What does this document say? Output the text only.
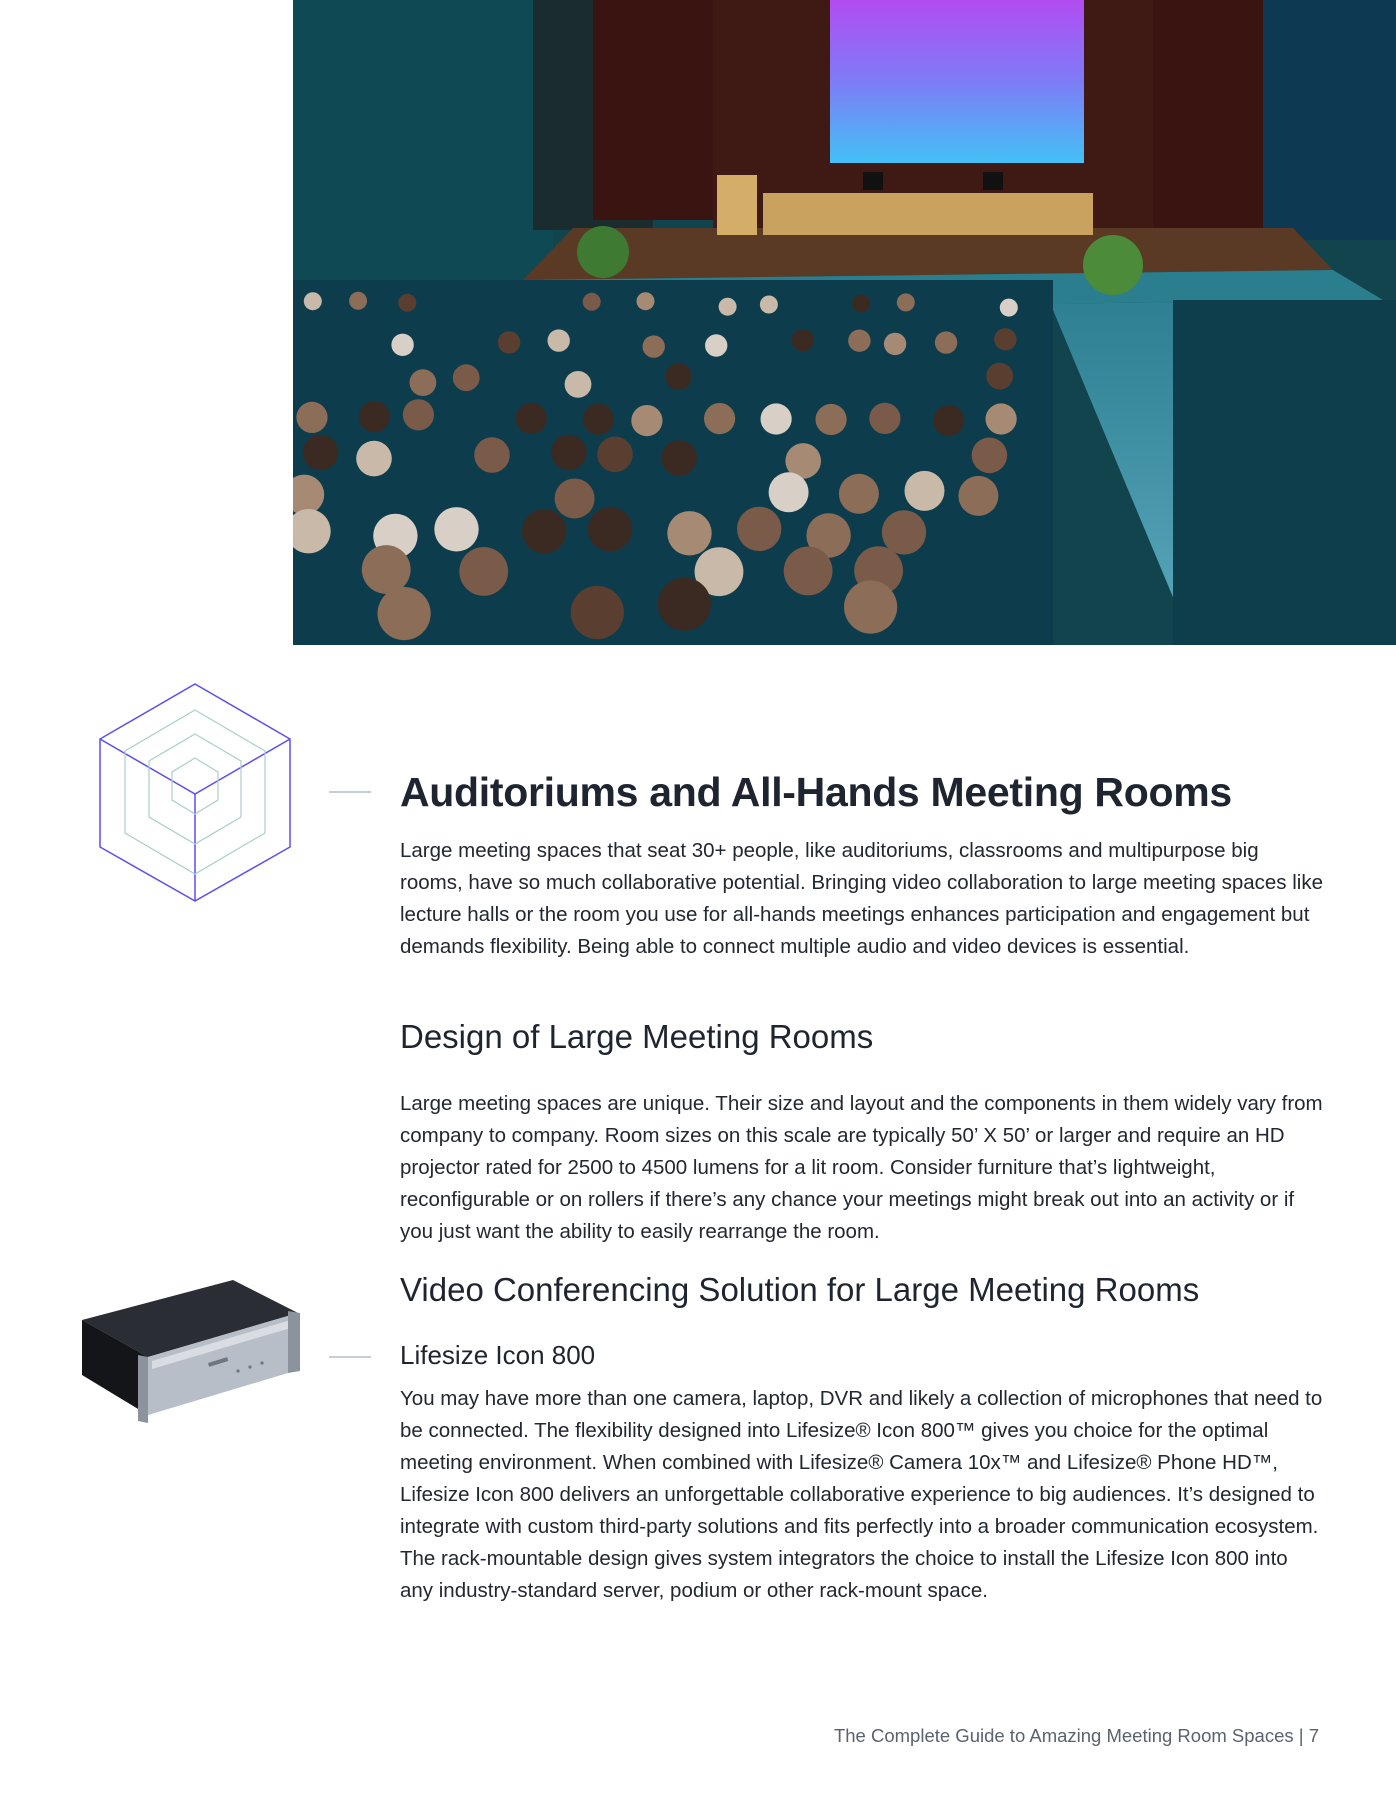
Auditoriums and All-Hands Meeting Rooms

Large meeting spaces that seat 30+ people, like auditoriums, classrooms and multipurpose big rooms, have so much collaborative potential. Bringing video collaboration to large meeting spaces like lecture halls or the room you use for all-hands meetings enhances participation and engagement but demands flexibility. Being able to connect multiple audio and video devices is essential.

Design of Large Meeting Rooms

Large meeting spaces are unique. Their size and layout and the components in them widely vary from company to company. Room sizes on this scale are typically 50’ X 50’ or larger and require an HD projector rated for 2500 to 4500 lumens for a lit room. Consider furniture that’s lightweight, reconfigurable or on rollers if there’s any chance your meetings might break out into an activity or if you just want the ability to easily rearrange the room.

Video Conferencing Solution for Large Meeting Rooms
Lifesize Icon 800

You may have more than one camera, laptop, DVR and likely a collection of microphones that need to be connected. The flexibility designed into Lifesize® Icon 800™ gives you choice for the optimal meeting environment. When combined with Lifesize® Camera 10x™ and Lifesize® Phone HD™, Lifesize Icon 800 delivers an unforgettable collaborative experience to big audiences. It’s designed to integrate with custom third-party solutions and fits perfectly into a broader communication ecosystem. The rack-mountable design gives system integrators the choice to install the Lifesize Icon 800 into any industry-standard server, podium or other rack-mount space.

The Complete Guide to Amazing Meeting Room Spaces | 7
